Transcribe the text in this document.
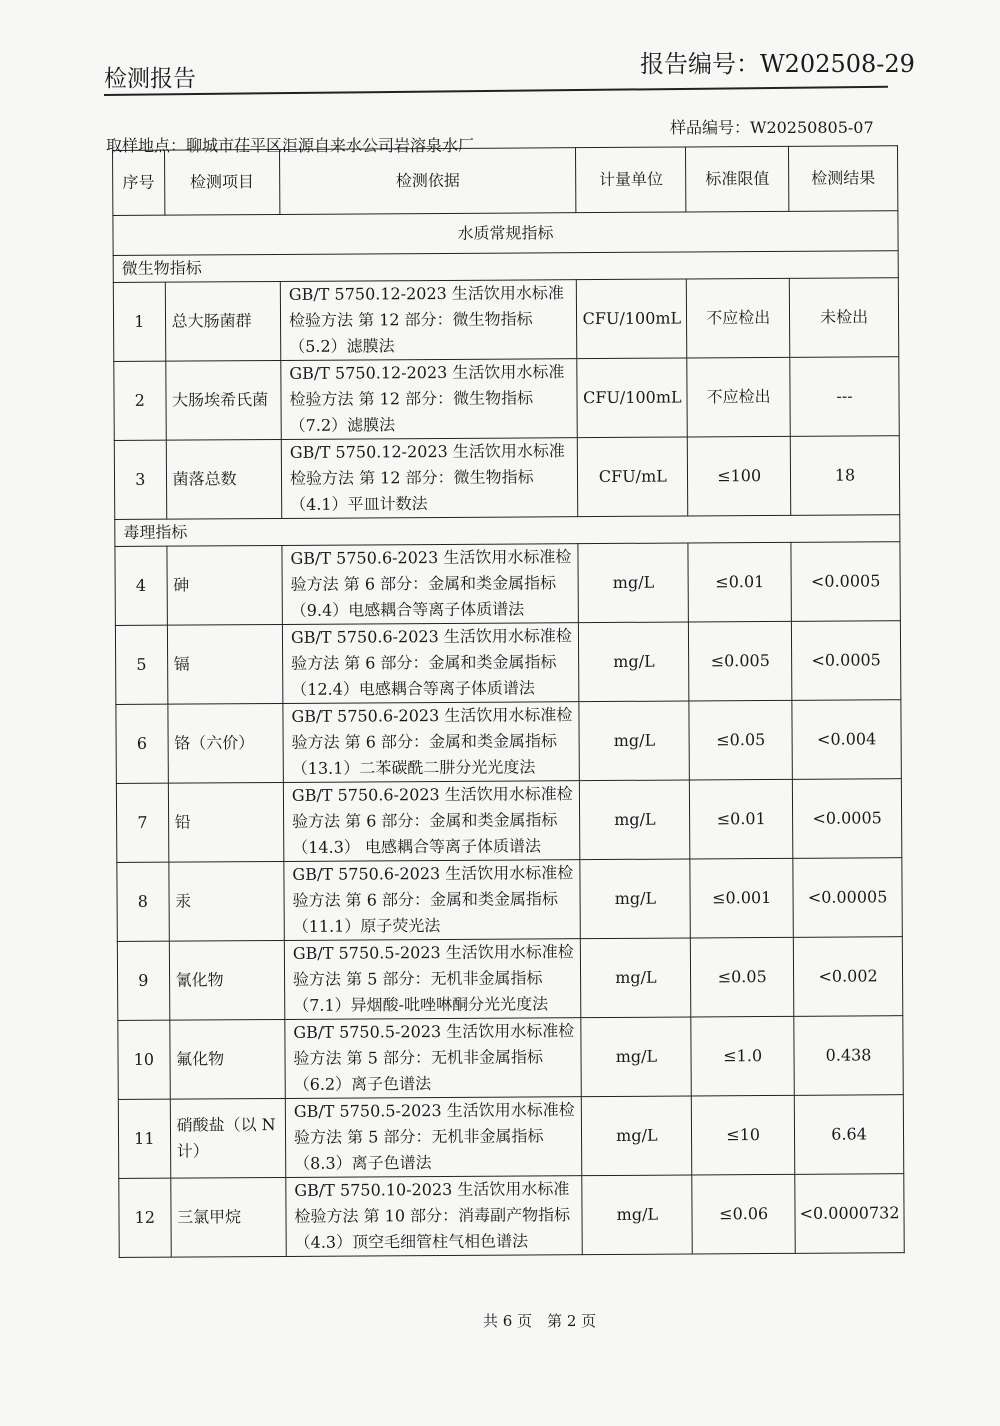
检测报告
报告编号：W202508-29
取样地点：聊城市茌平区洰源自来水公司岩溶泉水厂
样品编号：W20250805-07
序号	检测项目	检测依据	计量单位	标准限值	检测结果
水质常规指标					
微生物指标					
1	总大肠菌群	GB/T 5750.12-2023 生活饮用水标准检验方法 第 12 部分：微生物指标（5.2）滤膜法	CFU/100mL	不应检出	未检出
2	大肠埃希氏菌	GB/T 5750.12-2023 生活饮用水标准检验方法 第 12 部分：微生物指标（7.2）滤膜法	CFU/100mL	不应检出	---
3	菌落总数	GB/T 5750.12-2023 生活饮用水标准检验方法 第 12 部分：微生物指标（4.1）平皿计数法	CFU/mL	≤100	18
毒理指标					
4	砷	GB/T 5750.6-2023 生活饮用水标准检验方法 第 6 部分：金属和类金属指标（9.4）电感耦合等离子体质谱法	mg/L	≤0.01	<0.0005
5	镉	GB/T 5750.6-2023 生活饮用水标准检验方法 第 6 部分：金属和类金属指标（12.4）电感耦合等离子体质谱法	mg/L	≤0.005	<0.0005
6	铬（六价）	GB/T 5750.6-2023 生活饮用水标准检验方法 第 6 部分：金属和类金属指标（13.1）二苯碳酰二肼分光光度法	mg/L	≤0.05	<0.004
7	铅	GB/T 5750.6-2023 生活饮用水标准检验方法 第 6 部分：金属和类金属指标（14.3） 电感耦合等离子体质谱法	mg/L	≤0.01	<0.0005
8	汞	GB/T 5750.6-2023 生活饮用水标准检验方法 第 6 部分：金属和类金属指标（11.1）原子荧光法	mg/L	≤0.001	<0.00005
9	氰化物	GB/T 5750.5-2023 生活饮用水标准检验方法 第 5 部分：无机非金属指标（7.1）异烟酸-吡唑啉酮分光光度法	mg/L	≤0.05	<0.002
10	氟化物	GB/T 5750.5-2023 生活饮用水标准检验方法 第 5 部分：无机非金属指标（6.2）离子色谱法	mg/L	≤1.0	0.438
11	硝酸盐（以 N 计）	GB/T 5750.5-2023 生活饮用水标准检验方法 第 5 部分：无机非金属指标（8.3）离子色谱法	mg/L	≤10	6.64
12	三氯甲烷	GB/T 5750.10-2023 生活饮用水标准检验方法 第 10 部分：消毒副产物指标（4.3）顶空毛细管柱气相色谱法	mg/L	≤0.06	<0.0000732
共 6 页　第 2 页
